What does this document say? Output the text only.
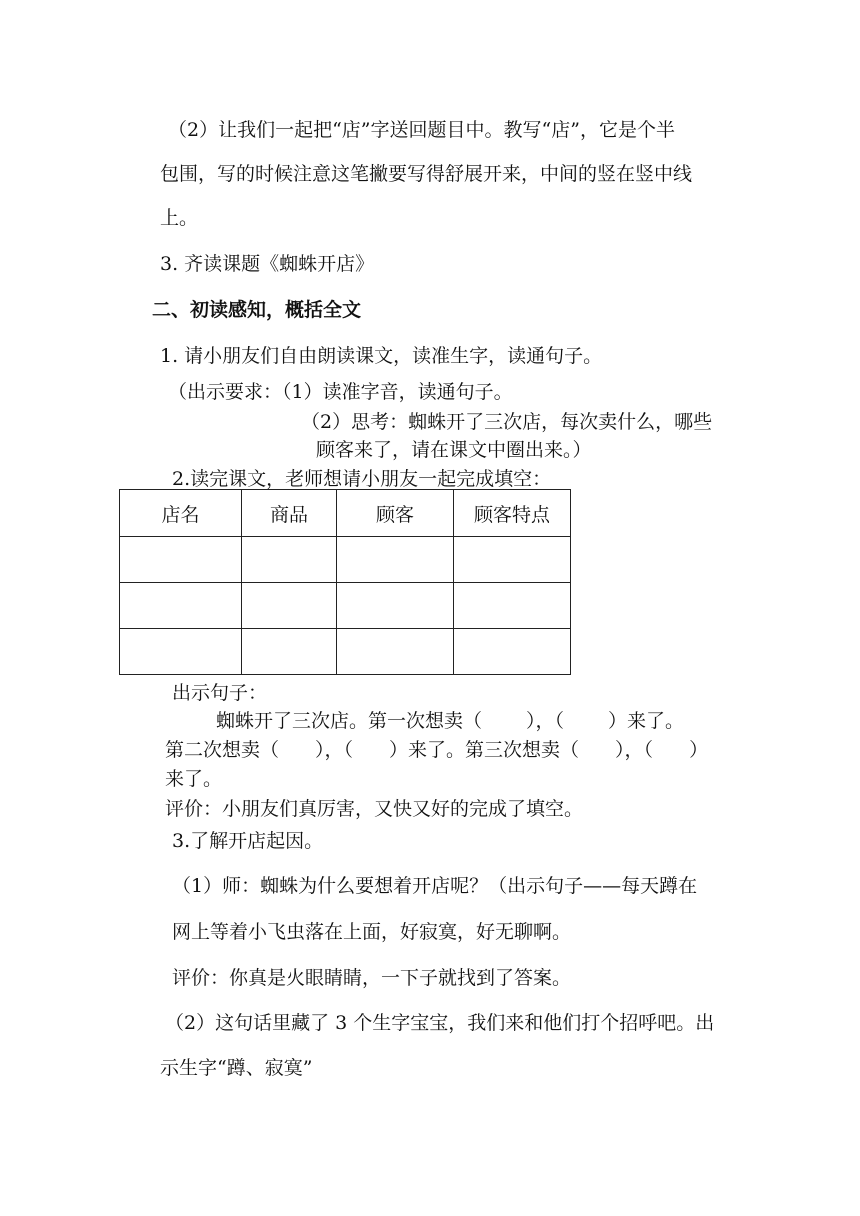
（2）让我们一起把“店”字送回题目中。教写“店”，它是个半
包围，写的时候注意这笔撇要写得舒展开来，中间的竖在竖中线
上。
3. 齐读课题《蜘蛛开店》
二、初读感知，概括全文
1. 请小朋友们自由朗读课文，读准生字，读通句子。
（出示要求：（1）读准字音，读通句子。
（2）思考：蜘蛛开了三次店，每次卖什么，哪些
顾客来了，请在课文中圈出来。）
2.读完课文，老师想请小朋友一起完成填空：
店名	商品	顾客	顾客特点

出示句子：
蜘蛛开了三次店。第一次想卖（ ），（ ）来了。
第二次想卖（ ），（ ）来了。第三次想卖（ ），（ ）
来了。
评价：小朋友们真厉害，又快又好的完成了填空。
3.了解开店起因。
（1）师：蜘蛛为什么要想着开店呢？（出示句子——每天蹲在
网上等着小飞虫落在上面，好寂寞，好无聊啊。
评价：你真是火眼睛睛，一下子就找到了答案。
（2）这句话里藏了 3 个生字宝宝，我们来和他们打个招呼吧。出
示生字“蹲、寂寞”
